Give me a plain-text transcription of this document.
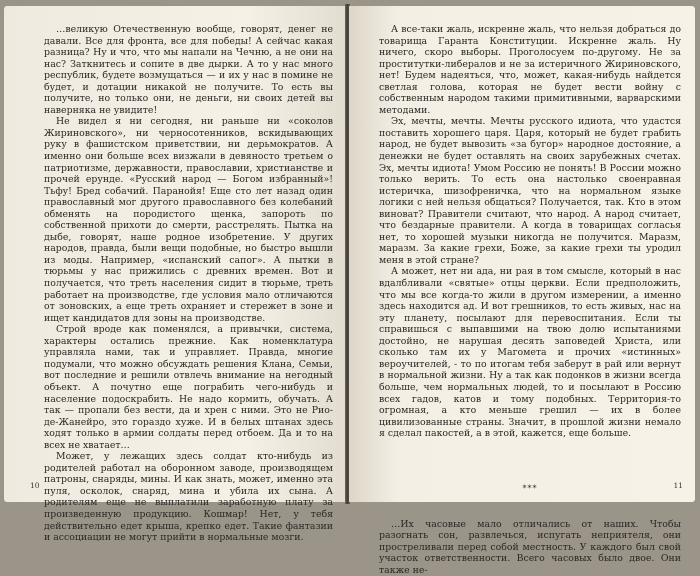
…великую Отечественную вообще, говорят, денег не давали. Все для фронта, все для победы! А сейчас какая разница? Ну и что, что мы напали на Чечню, а не они на нас? Заткнитесь и сопите в две дырки. А то у нас много республик, будете возмущаться — и их у нас в помине не будет, и дотации никакой не получите. То есть вы получите, но только они, не деньги, ни своих детей вы наверняка не увидите!

Не видел я ни сегодня, ни раньше ни «соколов Жириновского», ни черносотенников, вскидывающих руку в фашистском приветствии, ни дерьмократов. А именно они больше всех визжали в девяносто третьем о патриотизме, державности, православии, христианстве и прочей ерунде. «Русский народ — Богом избранный»! Тьфу! Бред собачий. Паранойя! Еще сто лет назад один православный мог другого православного без колебаний обменять на породистого щенка, запороть по собственной прихоти до смерти, расстрелять. Пытка на дыбе, говорят, наше родное изобретение. У других народов, правда, были вещи подобные, но быстро вышли из моды. Например, «испанский сапог». А пытки в тюрьмы у нас прижились с древних времен. Вот и получается, что треть населения сидит в тюрьме, треть работает на производстве, где условия мало отличаются от зоновских, а еще треть охраняет и стережет в зоне и ищет кандидатов для зоны на производстве.

Строй вроде как поменялся, а привычки, система, характеры остались прежние. Как номенклатура управляла нами, так и управляет. Правда, многие подумали, что можно обсуждать решения Клана, Семьи, вот последние и решили отвлечь внимание на негодный объект. А почутно еще пограбить чего-нибудь и население подоскрабить. Не надо кормить, обучать. А так — пропали без вести, да и хрен с ними. Это не Рио-де-Жанейро, это гораздо хуже. И в белых штанах здесь ходят только в армии солдаты перед отбоем. Да и то на всех не хватает…

Может, у лежащих здесь солдат кто-нибудь из родителей работал на оборонном заводе, производящем патроны, снаряды, мины. И как знать, может, именно эта пуля, осколок, снаряд, мина и убила их сына. А родителям еще не выплатили заработную плату за произведенную продукцию. Кошмар! Нет, у тебя действительно едет крыша, крепко едет. Такие фантазии и ассоциации не могут прийти в нормальные мозги.

10

А все-таки жаль, искренне жаль, что нельзя добраться до товарища Гаранта Конституции. Искренне жаль. Ну ничего, скоро выборы. Проголосуем по-другому. Не за проститутки-либералов и не за истеричного Жириновского, нет! Будем надеяться, что, может, какая-нибудь найдется светлая голова, которая не будет вести войну с собственным народом такими примитивными, варварскими методами.

Эх, мечты, мечты. Мечты русского идиота, что удастся поставить хорошего царя. Царя, который не будет грабить народ, не будет вывозить «за бугор» народное достояние, а денежки не будет оставлять на своих зарубежных счетах. Эх, мечты идиота! Умом Россию не понять! В России можно только верить. То есть она настолько своенравная истеричка, шизофреничка, что на нормальном языке логики с ней нельзя общаться? Получается, так. Кто в этом виноват? Правители считают, что народ. А народ считает, что бездарные правители. А когда в товарищах согласья нет, то хорошей музыки никогда не получится. Маразм, маразм. За какие грехи, Боже, за какие грехи ты уродил меня в этой стране?

А может, нет ни ада, ни рая в том смысле, который в нас вдалбливали «святые» отцы церкви. Если предположить, что мы все когда-то жили в другом измерении, а именно здесь находится ад. И вот грешников, то есть живых, нас на эту планету, посылают для перевоспитания. Если ты справишься с выпавшими на твою долю испытаниями достойно, не нарушая десять заповедей Христа, или сколько там их у Магомета и прочих «истинных» вероучителей, - то по итогам тебя заберут в рай или вернут в нормальной жизни. Ну а так как подонков в жизни всегда больше, чем нормальных людей, то и посылают в Россию всех гадов, катов и тому подобных. Территория-то огромная, а кто меньше грешил — их в более цивилизованные страны. Значит, в прошлой жизни немало я сделал пакостей, а в этой, кажется, еще больше.

***

…Их часовые мало отличались от наших. Чтобы разогнать сон, развлечься, испугать неприятеля, они простреливали перед собой местность. У каждого был свой участок ответственности. Всего часовых было двое. Они также не-

11
